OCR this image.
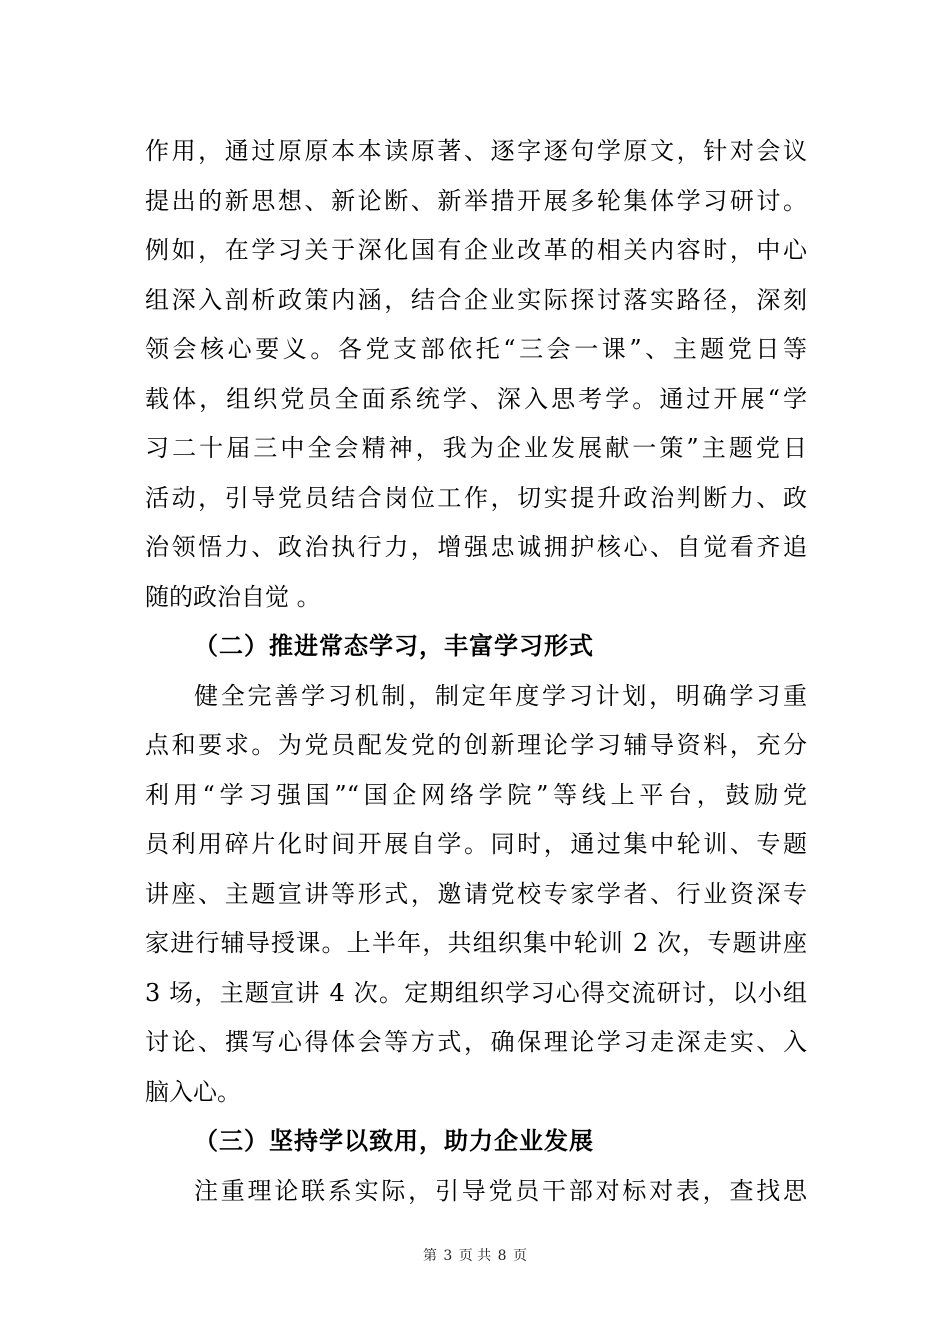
作用，通过原原本本读原著、逐字逐句学原文，针对会议
提出的新思想、新论断、新举措开展多轮集体学习研讨。
例如，在学习关于深化国有企业改革的相关内容时，中心
组深入剖析政策内涵，结合企业实际探讨落实路径，深刻
领会核心要义。各党支部依托“三会一课”、主题党日等
载体，组织党员全面系统学、深入思考学。通过开展“学
习二十届三中全会精神，我为企业发展献一策”主题党日
活动，引导党员结合岗位工作，切实提升政治判断力、政
治领悟力、政治执行力，增强忠诚拥护核心、自觉看齐追
随的政治自觉 。
（二）推进常态学习，丰富学习形式
健全完善学习机制，制定年度学习计划，明确学习重
点和要求。为党员配发党的创新理论学习辅导资料，充分
利用“学习强国”“国企网络学院”等线上平台，鼓励党
员利用碎片化时间开展自学。同时，通过集中轮训、专题
讲座、主题宣讲等形式，邀请党校专家学者、行业资深专
家进行辅导授课。上半年，共组织集中轮训 2 次，专题讲座
3 场，主题宣讲 4 次。定期组织学习心得交流研讨，以小组
讨论、撰写心得体会等方式，确保理论学习走深走实、入
脑入心。
（三）坚持学以致用，助力企业发展
注重理论联系实际，引导党员干部对标对表，查找思
第 3 页 共 8 页
